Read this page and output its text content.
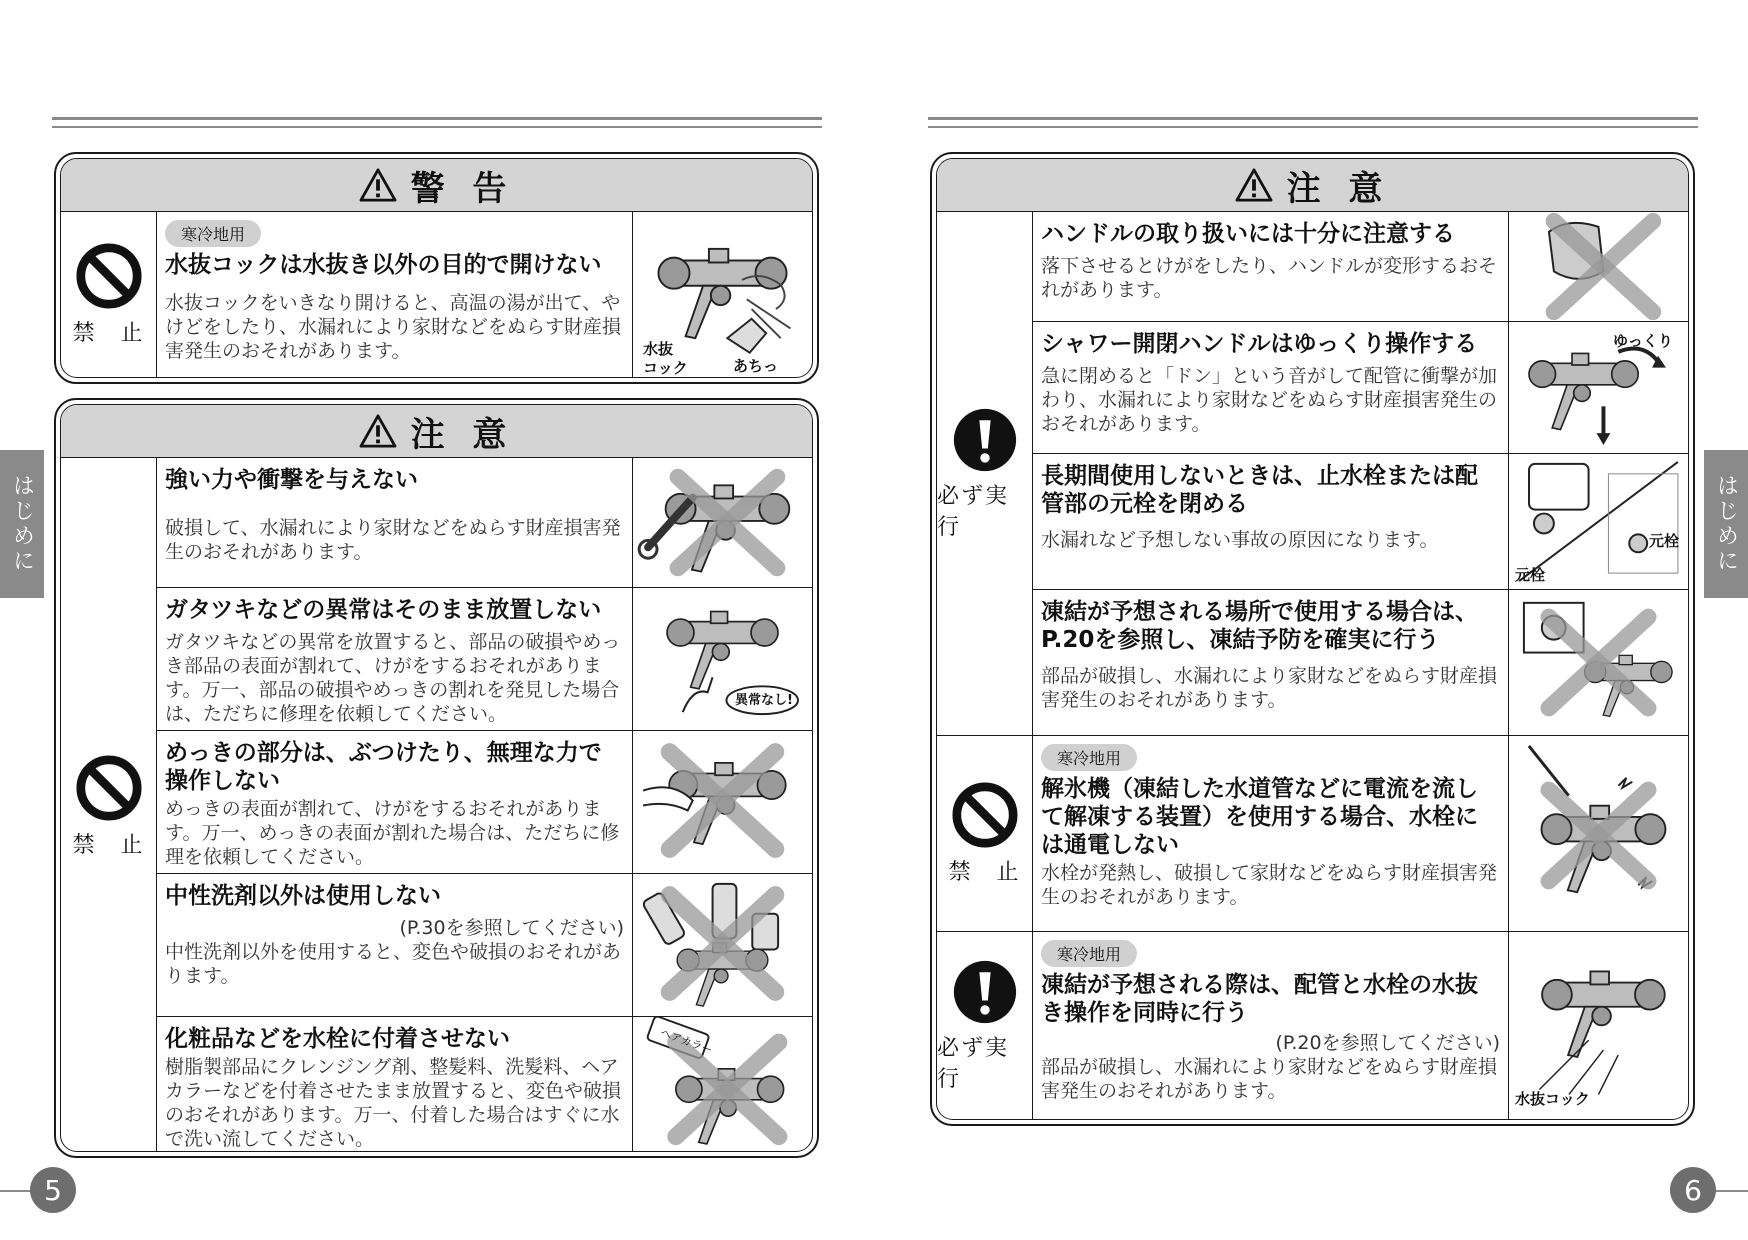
はじめに
警 告
禁　止
寒冷地用
水抜コックは水抜き以外の目的で開けない
水抜コックをいきなり開けると、高温の湯が出て、やけどをしたり、水漏れにより家財などをぬらす財産損害発生のおそれがあります。	水抜
コック	あちっ
注 意
禁　止
強い力や衝撃を与えない
破損して、水漏れにより家財などをぬらす財産損害発生のおそれがあります。
ガタツキなどの異常はそのまま放置しない
ガタツキなどの異常を放置すると、部品の破損やめっき部品の表面が割れて、けがをするおそれがあります。万一、部品の破損やめっきの割れを発見した場合は、ただちに修理を依頼してください。
異常なし!
めっきの部分は、ぶつけたり、無理な力で操作しない
めっきの表面が割れて、けがをするおそれがあります。万一、めっきの表面が割れた場合は、ただちに修理を依頼してください。
中性洗剤以外は使用しない
(P.30を参照してください)
中性洗剤以外を使用すると、変色や破損のおそれがあります。
化粧品などを水栓に付着させない
樹脂製部品にクレンジング剤、整髪料、洗髪料、ヘアカラーなどを付着させたまま放置すると、変色や破損のおそれがあります。万一、付着した場合はすぐに水で洗い流してください。
ヘアカラー
5
はじめに
注 意
必ず実行
ハンドルの取り扱いには十分に注意する
落下させるとけがをしたり、ハンドルが変形するおそれがあります。
シャワー開閉ハンドルはゆっくり操作する
急に閉めると「ドン」という音がして配管に衝撃が加わり、水漏れにより家財などをぬらす財産損害発生のおそれがあります。
ゆっくり
長期間使用しないときは、止水栓または配管部の元栓を閉める
水漏れなど予想しない事故の原因になります。
元栓
元栓
凍結が予想される場所で使用する場合は、P.20を参照し、凍結予防を確実に行う
部品が破損し、水漏れにより家財などをぬらす財産損害発生のおそれがあります。
禁　止
寒冷地用
解氷機（凍結した水道管などに電流を流して解凍する装置）を使用する場合、水栓には通電しない
水栓が発熱し、破損して家財などをぬらす財産損害発生のおそれがあります。
必ず実行
寒冷地用
凍結が予想される際は、配管と水栓の水抜き操作を同時に行う
(P.20を参照してください)
部品が破損し、水漏れにより家財などをぬらす財産損害発生のおそれがあります。	水抜コック
6
